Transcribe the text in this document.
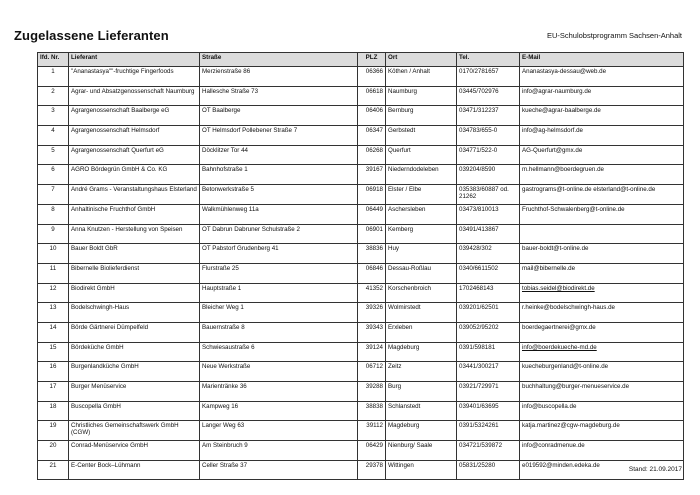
Zugelassene Lieferanten	EU-Schulobstprogramm Sachsen-Anhalt
lfd. Nr.	Lieferant	Straße	PLZ	Ort	Tel.	E-Mail
1	"Ananastasya""-fruchtige Fingerfoods	Merzienstraße 86	06366	Köthen / Anhalt	0170/2781657	Ananastasya-dessau@web.de
2	Agrar- und Absatzgenossenschaft Naumburg	Hallesche Straße 73	06618	Naumburg	03445/702976	info@agrar-naumburg.de
3	Agrargenossenschaft Baalberge eG	OT Baalberge	06406	Bernburg	03471/312237	kueche@agrar-baalberge.de
4	Agrargenossenschaft Helmsdorf	OT Helmsdorf Pollebener Straße 7	06347	Gerbstedt	034783/655-0	info@ag-helmsdorf.de
5	Agrargenossenschaft Querfurt eG	Döcklitzer Tor 44	06268	Querfurt	034771/522-0	AG-Querfurt@gmx.de
6	AGRO Bördegrün GmbH & Co. KG	Bahnhofstraße 1	39167	Niederndodeleben	039204/8590	m.hellmann@boerdegruen.de
7	André Grams - Veranstaltungshaus Elsterland	Betonwerkstraße 5	06918	Elster / Elbe	035383/60887 od. 21262	gastrograms@t-online.de elsterland@t-online.de
8	Anhaltinische Fruchthof GmbH	Walkmühlenweg 11a	06449	Aschersleben	03473/810013	Fruchthof-Schwalenberg@t-online.de
9	Anna Knutzen - Herstellung von Speisen	OT Dabrun Dabruner Schulstraße 2	06901	Kemberg	03491/413867	
10	Bauer Boldt GbR	OT Pabstorf Grudenberg 41	38836	Huy	039428/302	bauer-boldt@t-online.de
11	Bibernelle Biolieferdienst	Flurstraße 25	06846	Dessau-Roßlau	0340/6611502	mail@bibernelle.de
12	Biodirekt GmbH	Hauptstraße 1	41352	Korschenbroich	1702468143	tobias.seidel@biodirekt.de
13	Bodelschwingh-Haus	Bleicher Weg 1	39326	Wolmirstedt	039201/62501	r.heinke@bodelschwingh-haus.de
14	Börde Gärtnerei Dümpelfeld	Bauernstraße 8	39343	Erxleben	039052/95202	boerdegaertnerei@gmx.de
15	Bördeküche GmbH	Schwiesaustraße 6	39124	Magdeburg	0391/598181	info@boerdekueche-md.de
16	Burgenlandküche GmbH	Neue Werkstraße	06712	Zeitz	03441/300217	kuecheburgenland@t-online.de
17	Burger Menüservice	Marientränke 36	39288	Burg	03921/729971	buchhaltung@burger-menueservice.de
18	Buscopella GmbH	Kampweg 16	38838	Schlanstedt	039401/63695	info@buscopella.de
19	Christliches Gemeinschaftswerk GmbH (CGW)	Langer Weg 63	39112	Magdeburg	0391/5324261	katja.martinez@cgw-magdeburg.de
20	Conrad-Menüservice GmbH	Am Steinbruch 9	06429	Nienburg/ Saale	034721/539872	info@conradmenue.de
21	E-Center Bock–Lühmann	Celler Straße 37	29378	Wittingen	05831/25280	e019592@minden.edeka.de
Stand: 21.09.2017
